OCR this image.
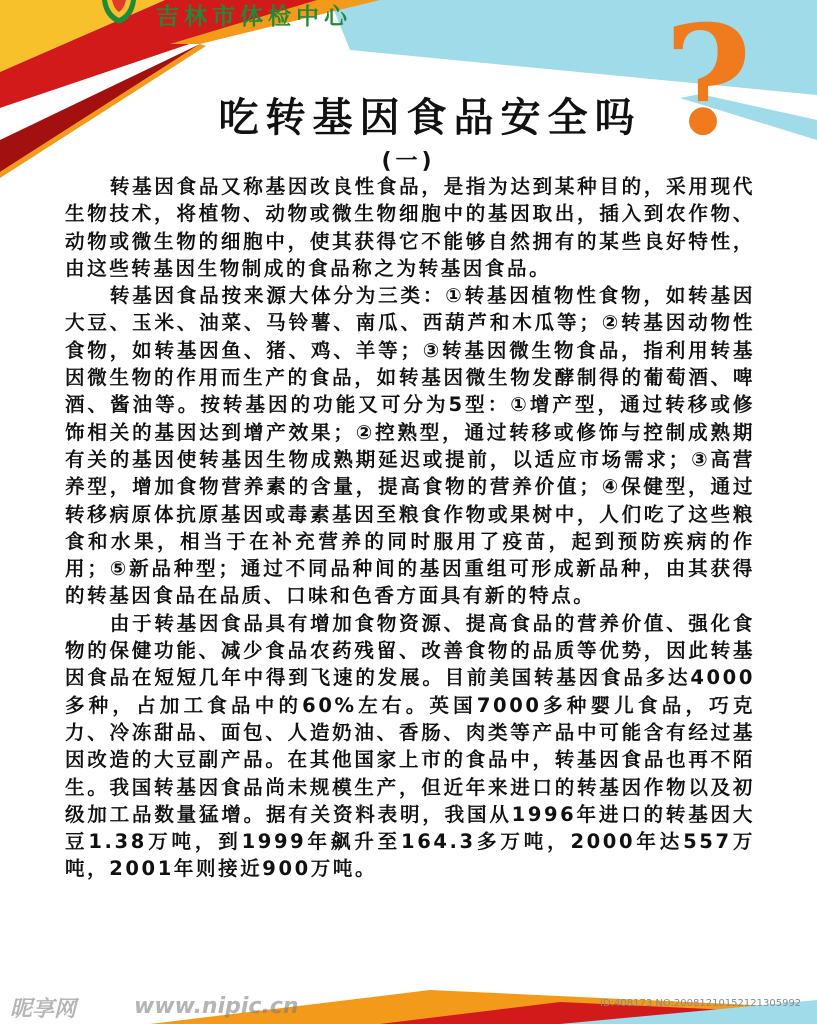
吉林市体检中心 ?
吃转基因食品安全吗
(一)

转基因食品又称基因改良性食品，是指为达到某种目的，采用现代生物技术，将植物、动物或微生物细胞中的基因取出，插入到农作物、动物或微生物的细胞中，使其获得它不能够自然拥有的某些良好特性，由这些转基因生物制成的食品称之为转基因食品。

转基因食品按来源大体分为三类：①转基因植物性食物，如转基因大豆、玉米、油菜、马铃薯、南瓜、西葫芦和木瓜等；②转基因动物性食物，如转基因鱼、猪、鸡、羊等；③转基因微生物食品，指利用转基因微生物的作用而生产的食品，如转基因微生物发酵制得的葡萄酒、啤酒、酱油等。按转基因的功能又可分为5型：①增产型，通过转移或修饰相关的基因达到增产效果；②控熟型，通过转移或修饰与控制成熟期有关的基因使转基因生物成熟期延迟或提前，以适应市场需求；③高营养型，增加食物营养素的含量，提高食物的营养价值；④保健型，通过转移病原体抗原基因或毒素基因至粮食作物或果树中，人们吃了这些粮食和水果，相当于在补充营养的同时服用了疫苗，起到预防疾病的作用；⑤新品种型；通过不同品种间的基因重组可形成新品种，由其获得的转基因食品在品质、口味和色香方面具有新的特点。

由于转基因食品具有增加食物资源、提高食品的营养价值、强化食物的保健功能、减少食品农药残留、改善食物的品质等优势，因此转基因食品在短短几年中得到飞速的发展。目前美国转基因食品多达4000多种，占加工食品中的60%左右。英国7000多种婴儿食品，巧克力、冷冻甜品、面包、人造奶油、香肠、肉类等产品中可能含有经过基因改造的大豆副产品。在其他国家上市的食品中，转基因食品也再不陌生。我国转基因食品尚未规模生产，但近年来进口的转基因作物以及初级加工品数量猛增。据有关资料表明，我国从1996年进口的转基因大豆1.38万吨，到1999年飙升至164.3多万吨，2000年达557万吨，2001年则接近900万吨。

昵享网	www.nipic.cn	ID:408173 NO:20081210152121305992
